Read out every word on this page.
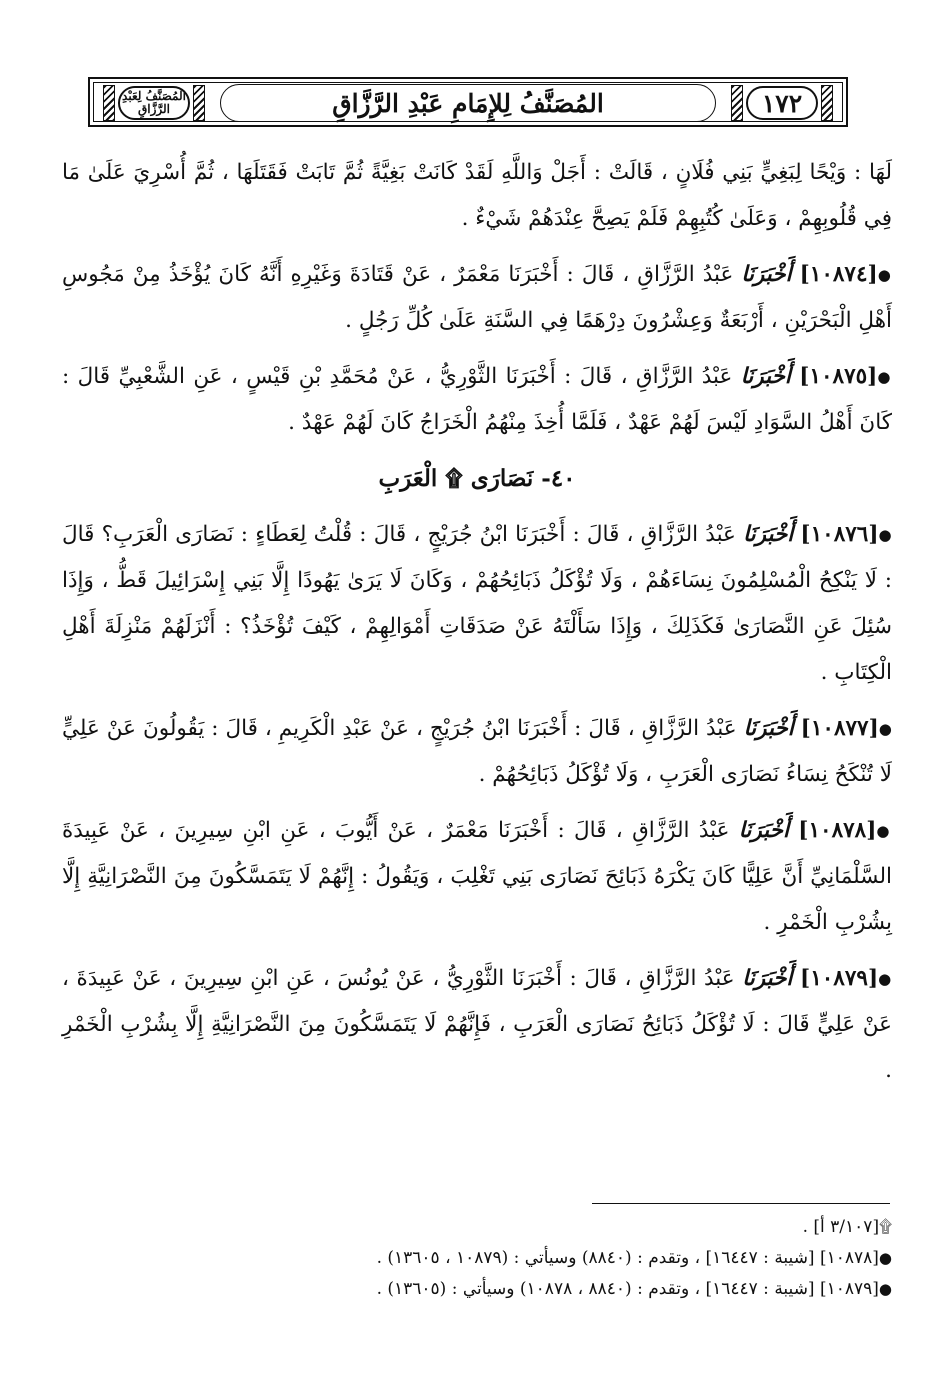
المُصَنَّفُ لِعَبْدِ الرَّزَّاقِ	المُصَنَّفُ لِلإِمَامِ عَبْدِ الرَّزَّاقِ	١٧٢

لَهَا : وَيْحًا لِبَغِيٍّ بَنِي فُلَانٍ ، قَالَتْ : أَجَلْ وَاللَّهِ لَقَدْ كَانَتْ بَغِيَّةً ثُمَّ تَابَتْ فَقَتَلَهَا ، ثُمَّ أُسْرِيَ عَلَىٰ مَا فِي قُلُوبِهِمْ ، وَعَلَىٰ كُتُبِهِمْ فَلَمْ يَصِحَّ عِنْدَهُمْ شَيْءٌ .

●[١٠٨٧٤] أَخْبَرَنَا عَبْدُ الرَّزَّاقِ ، قَالَ : أَخْبَرَنَا مَعْمَرٌ ، عَنْ قَتَادَةَ وَغَيْرِهِ أَنَّهُ كَانَ يُؤْخَذُ مِنْ مَجُوسِ أَهْلِ الْبَحْرَيْنِ ، أَرْبَعَةٌ وَعِشْرُونَ دِرْهَمًا فِي السَّنَةِ عَلَىٰ كُلِّ رَجُلٍ .

●[١٠٨٧٥] أَخْبَرَنَا عَبْدُ الرَّزَّاقِ ، قَالَ : أَخْبَرَنَا الثَّوْرِيُّ ، عَنْ مُحَمَّدِ بْنِ قَيْسٍ ، عَنِ الشَّعْبِيِّ قَالَ : كَانَ أَهْلُ السَّوَادِ لَيْسَ لَهُمْ عَهْدٌ ، فَلَمَّا أُخِذَ مِنْهُمُ الْخَرَاجُ كَانَ لَهُمْ عَهْدٌ .

٤٠- نَصَارَى ۩ الْعَرَبِ

●[١٠٨٧٦] أَخْبَرَنَا عَبْدُ الرَّزَّاقِ ، قَالَ : أَخْبَرَنَا ابْنُ جُرَيْجٍ ، قَالَ : قُلْتُ لِعَطَاءٍ : نَصَارَى الْعَرَبِ؟ قَالَ : لَا يَنْكِحُ الْمُسْلِمُونَ نِسَاءَهُمْ ، وَلَا تُؤْكَلُ ذَبَائِحُهُمْ ، وَكَانَ لَا يَرَىٰ يَهُودًا إِلَّا بَنِي إِسْرَائِيلَ قَطُّ ، وَإِذَا سُئِلَ عَنِ النَّصَارَىٰ فَكَذَلِكَ ، وَإِذَا سَأَلْتَهُ عَنْ صَدَقَاتِ أَمْوَالِهِمْ ، كَيْفَ تُؤْخَذُ؟ : أَنْزَلَهُمْ مَنْزِلَةَ أَهْلِ الْكِتَابِ .

●[١٠٨٧٧] أَخْبَرَنَا عَبْدُ الرَّزَّاقِ ، قَالَ : أَخْبَرَنَا ابْنُ جُرَيْجٍ ، عَنْ عَبْدِ الْكَرِيمِ ، قَالَ : يَقُولُونَ عَنْ عَلِيٍّ لَا تُنْكَحُ نِسَاءُ نَصَارَى الْعَرَبِ ، وَلَا تُؤْكَلُ ذَبَائِحُهُمْ .

●[١٠٨٧٨] أَخْبَرَنَا عَبْدُ الرَّزَّاقِ ، قَالَ : أَخْبَرَنَا مَعْمَرٌ ، عَنْ أَيُّوبَ ، عَنِ ابْنِ سِيرِينَ ، عَنْ عَبِيدَةَ السَّلْمَانِيِّ أَنَّ عَلِيًّا كَانَ يَكْرَهُ ذَبَائِحَ نَصَارَى بَنِي تَغْلِبَ ، وَيَقُولُ : إِنَّهُمْ لَا يَتَمَسَّكُونَ مِنَ النَّصْرَانِيَّةِ إِلَّا بِشُرْبِ الْخَمْرِ .

●[١٠٨٧٩] أَخْبَرَنَا عَبْدُ الرَّزَّاقِ ، قَالَ : أَخْبَرَنَا الثَّوْرِيُّ ، عَنْ يُونُسَ ، عَنِ ابْنِ سِيرِينَ ، عَنْ عَبِيدَةَ ، عَنْ عَلِيٍّ قَالَ : لَا تُؤْكَلُ ذَبَائِحُ نَصَارَى الْعَرَبِ ، فَإِنَّهُمْ لَا يَتَمَسَّكُونَ مِنَ النَّصْرَانِيَّةِ إِلَّا بِشُرْبِ الْخَمْرِ .

۩[٣/١٠٧ أ] .

●[١٠٨٧٨] [شيبة : ١٦٤٤٧] ، وتقدم : (٨٨٤٠) وسيأتي : (١٠٨٧٩ ، ١٣٦٠٥) .

●[١٠٨٧٩] [شيبة : ١٦٤٤٧] ، وتقدم : (٨٨٤٠ ، ١٠٨٧٨) وسيأتي : (١٣٦٠٥) .
